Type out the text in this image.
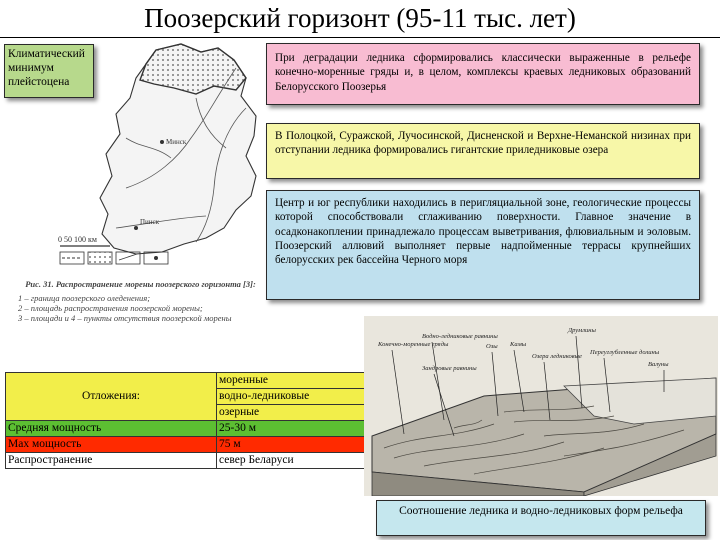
Поозерский горизонт (95-11 тыс. лет)
Климатический минимум плейстоцена
Минск
Пинск
0 50 100 км
Рис. 31. Распространение морены поозерского горизонта [3]:
1 – граница поозерского оледенения;
2 – площадь распространения поозерской морены;
3 – площади и 4 – пункты отсутствия поозерской морены
При деградации ледника сформировались классически выраженные в рельефе конечно-моренные гряды и, в целом, комплексы краевых ледниковых образований Белорусского Поозерья
В Полоцкой, Суражской, Лучосинской, Дисненской и Верхне-Неманской низинах при отступании ледника формировались гигантские приледниковые озера
Центр и юг республики находились в перигляциальной зоне, геологические процессы которой способствовали сглаживанию поверхности. Главное значение в осадконакоплении принадлежало процессам выветривания, флювиальным и эоловым. Поозерский аллювий выполняет первые надпойменные террасы крупнейших белорусских рек бассейна Черного моря
Отложения:	моренные
	водно-ледниковые
	озерные
Средняя мощность	25-30 м
Мах мощность	75 м
Распространение	север Беларуси
Конечно-моренные гряды
Водно-ледниковые равнины
Зандровые равнины
Озы Камы
Озера ледниковые
Друмлины
Переуглубленные долины
Валуны
Соотношение ледника и водно-ледниковых форм рельефа
